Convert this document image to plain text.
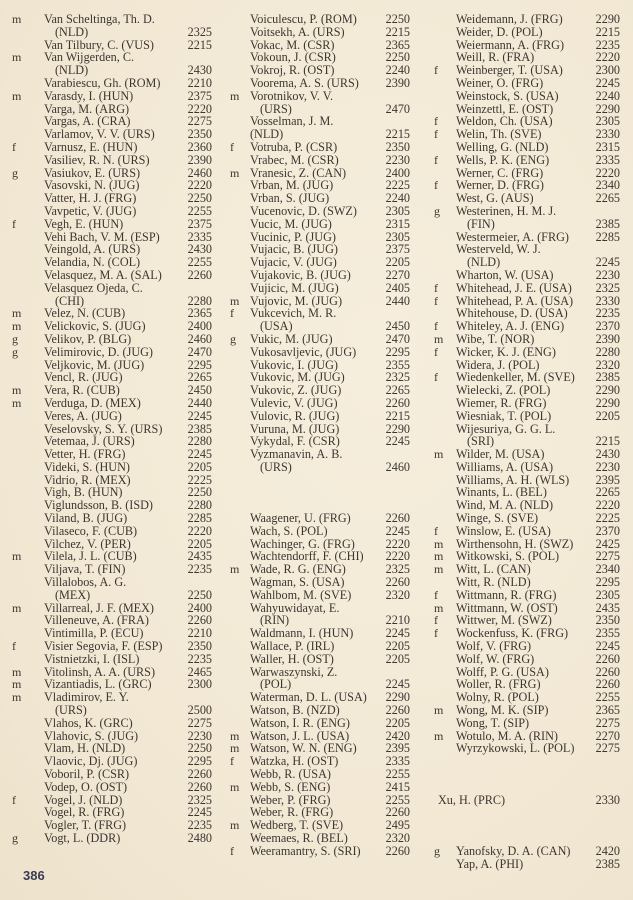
m	Van Scheltinga, Th. D.
(NLD)	2325
Van Tilbury, C. (VUS)	2215
m	Van Wijgerden, C.
(NLD)	2430
Varabiescu, Gh. (ROM) 2210
m	Varasdy, I. (HUN)	2375
Varga, M. (ARG)	2220
Vargas, A. (CRA)	2275
Varlamov, V. V. (URS)	2350
f	Varnusz, E. (HUN)	2360
Vasiliev, R. N. (URS)	2390
g	Vasiukov, E. (URS)	2460
Vasovski, N. (JUG)	2220
Vatter, H. J. (FRG)	2250
Vavpetic, V. (JUG)	2255
f	Vegh, E. (HUN)	2375
Vehi Bach, V. M. (ESP) 2335
Veingold, A. (URS)	2430
Velandia, N. (COL)	2255
Velasquez, M. A. (SAL) 2260
Velasquez Ojeda, C.
(CHI)	2280
m	Velez, N. (CUB)	2365
m	Velickovic, S. (JUG)	2400
g	Velikov, P. (BLG)	2460
g	Velimirovic, D. (JUG)	2470
Veljkovic, M. (JUG)	2295
Vencl, R. (JUG)	2265
m	Vera, R. (CUB)	2450
m	Verduga, D. (MEX)	2440
Veres, A. (JUG)	2245
Veselovsky, S. Y. (URS) 2385
Vetemaa, J. (URS)	2280
Vetter, H. (FRG)	2245
Videki, S. (HUN)	2205
Vidrio, R. (MEX)	2225
Vigh, B. (HUN)	2250
Viglundsson, B. (ISD)	2280
Viland, B. (JUG)	2285
Vilaseco, F. (CUB)	2220
Vilchez, V. (PER)	2205
m	Vilela, J. L. (CUB)	2435
Viljava, T. (FIN)	2235
Villalobos, A. G.
(MEX)	2250
m	Villarreal, J. F. (MEX)	2400
Villeneuve, A. (FRA)	2260
Vintimilla, P. (ECU)	2210
f	Visier Segovia, F. (ESP) 2350
Vistnietzki, I. (ISL)	2235
m	Vitolinsh, A. A. (URS)	2465
m	Vizantiadis, L. (GRC)	2300
m	Vladimirov, E. Y.
(URS)	2500
Vlahos, K. (GRC)	2275
Vlahovic, S. (JUG)	2230
Vlam, H. (NLD)	2250
Vlaovic, Dj. (JUG)	2295
Voboril, P. (CSR)	2260
Vodep, O. (OST)	2260
f	Vogel, J. (NLD)	2325
Vogel, R. (FRG)	2245
Vogler, T. (FRG)	2235
g	Vogt, L. (DDR)	2480
Voiculescu, P. (ROM) 2250
Voitsekh, A. (URS)	2215
Vokac, M. (CSR)	2365
Vokoun, J. (CSR)	2250
Vokroj, R. (OST)	2240
Voorema, A. S. (URS) 2390
m Vorotnikov, V. V.
(URS)	2470
Vosselman, J. M.
(NLD)	2215
f	Votruba, P. (CSR)	2350
Vrabec, M. (CSR)	2230
m Vranesic, Z. (CAN)	2400
Vrban, M. (JUG)	2225
Vrban, S. (JUG)	2240
Vucenovic, D. (SWZ) 2305
Vucic, M. (JUG)	2315
Vucinic, P. (JUG)	2305
Vujacic, B. (JUG)	2375
Vujacic, V. (JUG)	2205
Vujakovic, B. (JUG)	2270
Vujicic, M. (JUG)	2405
m Vujovic, M. (JUG)	2440
f	Vukcevich, M. R.
(USA)	2450
g	Vukic, M. (JUG)	2470
Vukosavljevic, (JUG) 2295
Vukovic, I. (JUG)	2355
Vukovic, M. (JUG)	2325
Vukovic, Z. (JUG)	2265
Vulevic, V. (JUG)	2260
Vulovic, R. (JUG)	2215
Vuruna, M. (JUG)	2290
Vykydal, F. (CSR)	2245
Vyzmanavin, A. B.
(URS)	2460
Waagener, U. (FRG)	2260
Wach, S. (POL)	2245
Wachinger, G. (FRG)	2220
Wachtendorff, F. (CHI) 2220
m Wade, R. G. (ENG)	2325
Wagman, S. (USA)	2260
Wahlbom, M. (SVE)	2320
Wahyuwidayat, E.
(RIN)	2210
Waldmann, I. (HUN)	2245
Wallace, P. (IRL)	2205
Waller, H. (OST)	2205
Warwaszynski, Z.
(POL)	2245
Waterman, D. L. (USA) 2290
Watson, B. (NZD)	2260
Watson, I. R. (ENG)	2205
m Watson, J. L. (USA)	2420
m Watson, W. N. (ENG) 2395
f	Watzka, H. (OST)	2335
Webb, R. (USA)	2255
m Webb, S. (ENG)	2415
Weber, P. (FRG)	2255
Weber, R. (FRG)	2260
m Wedberg, T. (SVE)	2495
Weemaes, R. (BEL)	2320
f	Weeramantry, S. (SRI) 2260
Weidemann, J. (FRG)	2290
Weider, D. (POL)	2215
Weiermann, A. (FRG)	2235
Weill, R. (FRA)	2220
f	Weinberger, T. (USA)	2300
Weiner, O. (FRG)	2245
Weinstock, S. (USA)	2240
Weinzettl, E. (OST)	2290
f	Weldon, Ch. (USA)	2305
f	Welin, Th. (SVE)	2330
Welling, G. (NLD)	2315
f	Wells, P. K. (ENG)	2335
Werner, C. (FRG)	2220
f	Werner, D. (FRG)	2340
West, G. (AUS)	2265
g	Westerinen, H. M. J.
(FIN)	2385
Westermeier, A. (FRG) 2285
Westerveld, W. J.
(NLD)	2245
Wharton, W. (USA)	2230
f	Whitehead, J. E. (USA) 2325
f	Whitehead, P. A. (USA) 2330
Whitehouse, D. (USA) 2235
f	Whiteley, A. J. (ENG)	2370
m	Wibe, T. (NOR)	2390
f	Wicker, K. J. (ENG)	2280
Widera, J. (POL)	2320
f	Wiedenkeller, M. (SVE) 2385
Wielecki, Z. (POL)	2290
Wiemer, R. (FRG)	2290
Wiesniak, T. (POL)	2205
Wijesuriya, G. G. L.
(SRI)	2215
m	Wilder, M. (USA)	2430
Williams, A. (USA)	2230
Williams, A. H. (WLS) 2395
Winants, L. (BEL)	2265
Wind, M. A. (NLD)	2220
Winge, S. (SVE)	2225
f	Winslow, E. (USA)	2370
m	Wirthensohn, H. (SWZ) 2425
m	Witkowski, S. (POL)	2275
m	Witt, L. (CAN)	2340
Witt, R. (NLD)	2295
f	Wittmann, R. (FRG)	2305
m	Wittmann, W. (OST)	2435
f	Wittwer, M. (SWZ)	2350
f	Wockenfuss, K. (FRG) 2355
Wolf, V. (FRG)	2245
Wolf, W. (FRG)	2260
Wolff, P. G. (USA)	2260
Woller, R. (FRG)	2260
Wolny, R. (POL)	2255
m	Wong, M. K. (SIP)	2365
Wong, T. (SIP)	2275
m	Wotulo, M. A. (RIN)	2270
Wyrzykowski, L. (POL) 2275
Xu, H. (PRC)	2330
g	Yanofsky, D. A. (CAN) 2420
Yap, A. (PHI)	2385
386
